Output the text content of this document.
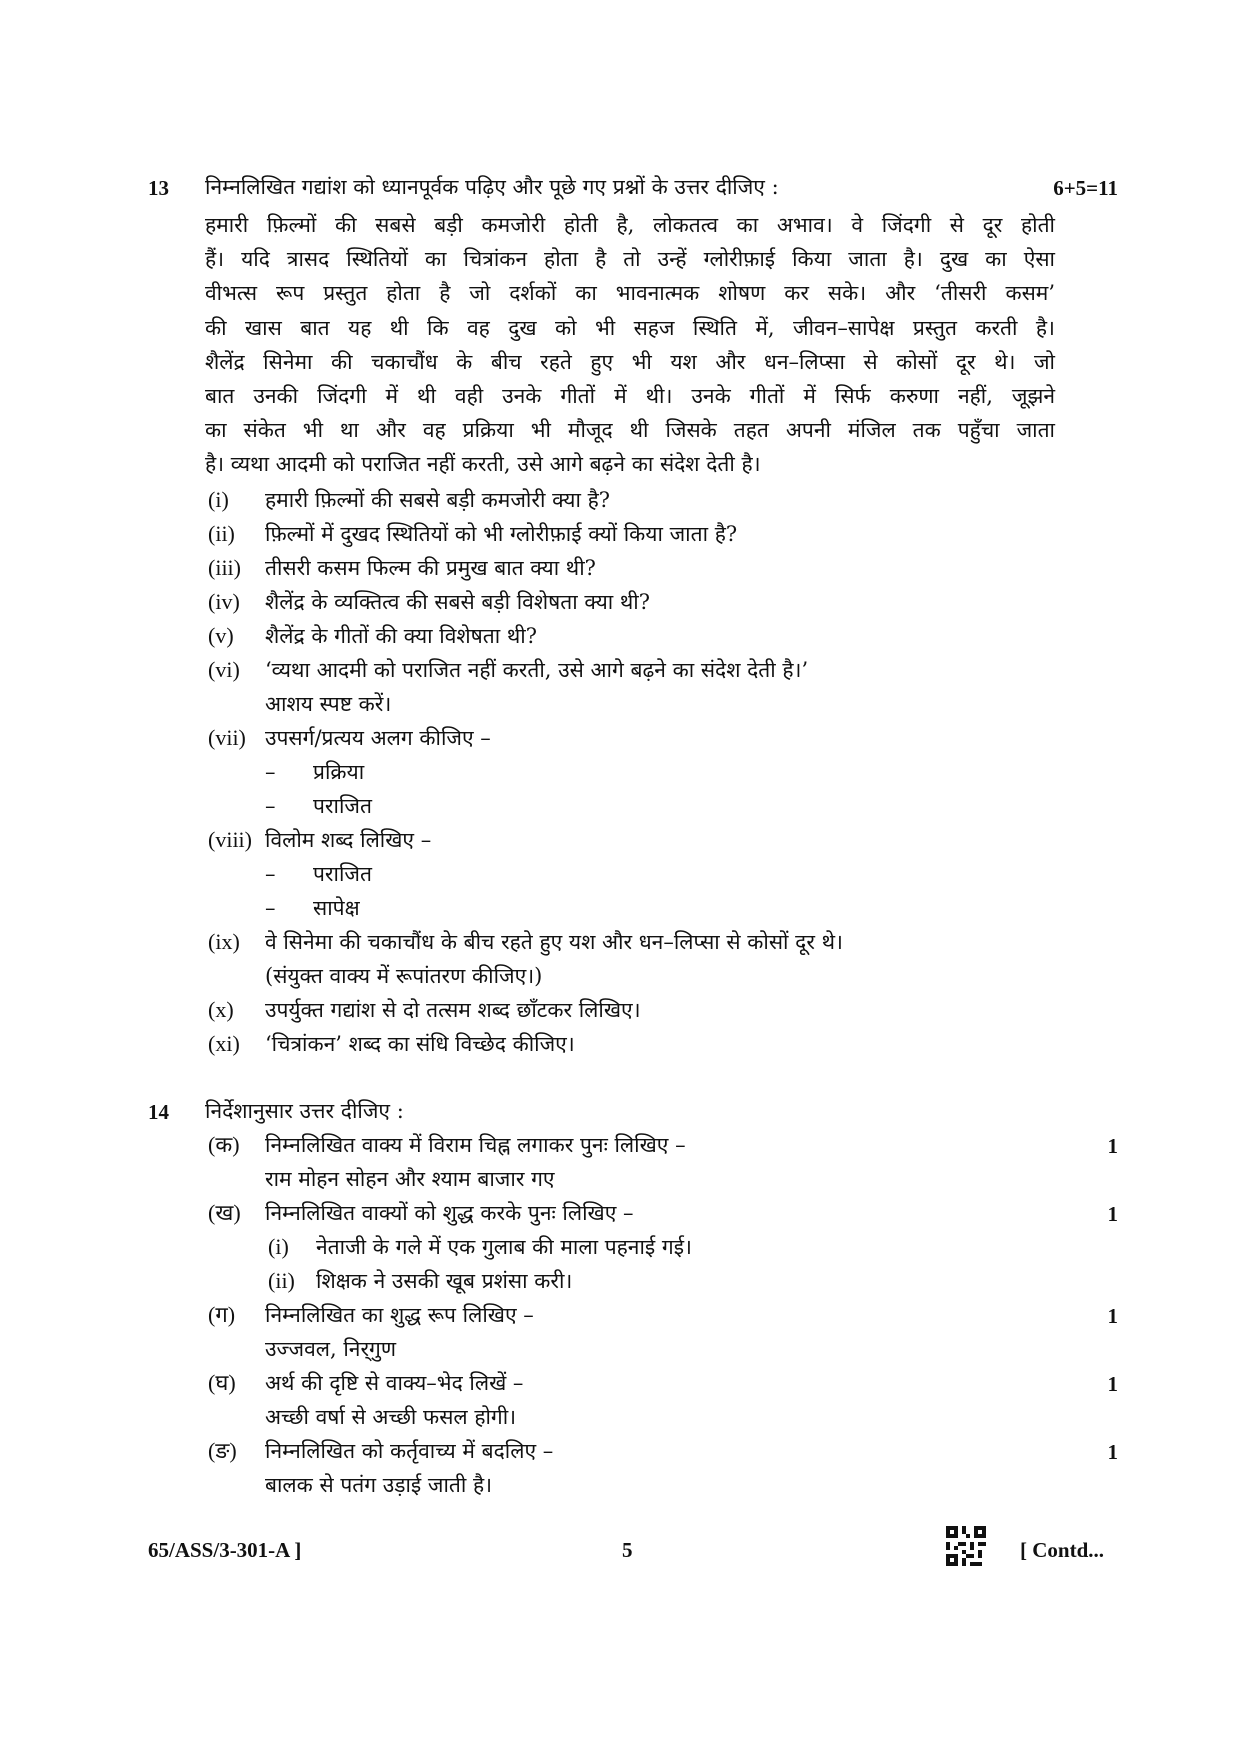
13 निम्नलिखित गद्यांश को ध्यानपूर्वक पढ़िए और पूछे गए प्रश्नों के उत्तर दीजिए :	6+5=11
हमारी फ़िल्मों की सबसे बड़ी कमजोरी होती है, लोकतत्व का अभाव। वे जिंदगी से दूर होती
हैं। यदि त्रासद स्थितियों का चित्रांकन होता है तो उन्हें ग्लोरीफ़ाई किया जाता है। दुख का ऐसा
वीभत्स रूप प्रस्तुत होता है जो दर्शकों का भावनात्मक शोषण कर सके। और ‘तीसरी कसम’
की खास बात यह थी कि वह दुख को भी सहज स्थिति में, जीवन–सापेक्ष प्रस्तुत करती है।
शैलेंद्र सिनेमा की चकाचौंध के बीच रहते हुए भी यश और धन–लिप्सा से कोसों दूर थे। जो
बात उनकी जिंदगी में थी वही उनके गीतों में थी। उनके गीतों में सिर्फ करुणा नहीं, जूझने
का संकेत भी था और वह प्रक्रिया भी मौजूद थी जिसके तहत अपनी मंजिल तक पहुँचा जाता
है। व्यथा आदमी को पराजित नहीं करती, उसे आगे बढ़ने का संदेश देती है।
(i) हमारी फ़िल्मों की सबसे बड़ी कमजोरी क्या है?
(ii) फ़िल्मों में दुखद स्थितियों को भी ग्लोरीफ़ाई क्यों किया जाता है?
(iii) तीसरी कसम फिल्म की प्रमुख बात क्या थी?
(iv) शैलेंद्र के व्यक्तित्व की सबसे बड़ी विशेषता क्या थी?
(v) शैलेंद्र के गीतों की क्या विशेषता थी?
(vi) ‘व्यथा आदमी को पराजित नहीं करती, उसे आगे बढ़ने का संदेश देती है।’
आशय स्पष्ट करें।
(vii) उपसर्ग/प्रत्यय अलग कीजिए –
– प्रक्रिया
– पराजित
(viii) विलोम शब्द लिखिए –
– पराजित
– सापेक्ष
(ix) वे सिनेमा की चकाचौंध के बीच रहते हुए यश और धन–लिप्सा से कोसों दूर थे।
(संयुक्त वाक्य में रूपांतरण कीजिए।)
(x) उपर्युक्त गद्यांश से दो तत्सम शब्द छाँटकर लिखिए।
(xi) ‘चित्रांकन’ शब्द का संधि विच्छेद कीजिए।
14 निर्देशानुसार उत्तर दीजिए :
(क) निम्नलिखित वाक्य में विराम चिह्न लगाकर पुनः लिखिए –	1
राम मोहन सोहन और श्याम बाजार गए
(ख) निम्नलिखित वाक्यों को शुद्ध करके पुनः लिखिए –	1
(i) नेताजी के गले में एक गुलाब की माला पहनाई गई।
(ii) शिक्षक ने उसकी खूब प्रशंसा करी।
(ग) निम्नलिखित का शुद्ध रूप लिखिए –	1
उज्जवल, निर्‌गुण
(घ) अर्थ की दृष्टि से वाक्य–भेद लिखें –	1
अच्छी वर्षा से अच्छी फसल होगी।
(ङ) निम्नलिखित को कर्तृवाच्य में बदलिए –	1
बालक से पतंग उड़ाई जाती है।
65/ASS/3-301-A ]	5	[ Contd...
